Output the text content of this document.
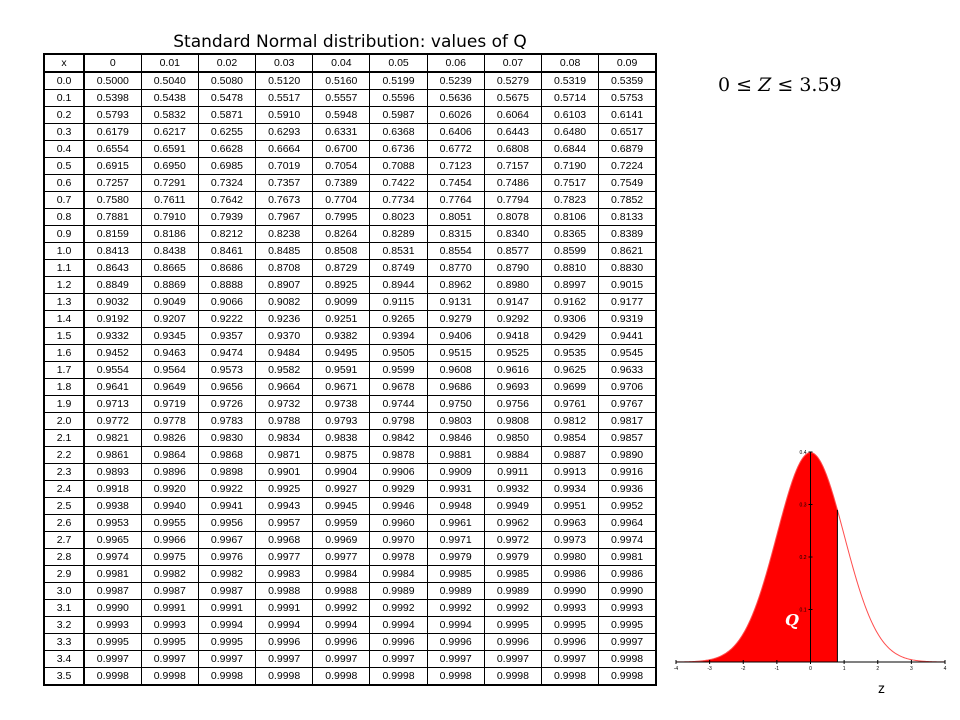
Standard Normal distribution: values of Q
x	0	0.01	0.02	0.03	0.04	0.05	0.06	0.07	0.08	0.09
0.0	0.5000	0.5040	0.5080	0.5120	0.5160	0.5199	0.5239	0.5279	0.5319	0.5359
0.1	0.5398	0.5438	0.5478	0.5517	0.5557	0.5596	0.5636	0.5675	0.5714	0.5753
0.2	0.5793	0.5832	0.5871	0.5910	0.5948	0.5987	0.6026	0.6064	0.6103	0.6141
0.3	0.6179	0.6217	0.6255	0.6293	0.6331	0.6368	0.6406	0.6443	0.6480	0.6517
0.4	0.6554	0.6591	0.6628	0.6664	0.6700	0.6736	0.6772	0.6808	0.6844	0.6879
0.5	0.6915	0.6950	0.6985	0.7019	0.7054	0.7088	0.7123	0.7157	0.7190	0.7224
0.6	0.7257	0.7291	0.7324	0.7357	0.7389	0.7422	0.7454	0.7486	0.7517	0.7549
0.7	0.7580	0.7611	0.7642	0.7673	0.7704	0.7734	0.7764	0.7794	0.7823	0.7852
0.8	0.7881	0.7910	0.7939	0.7967	0.7995	0.8023	0.8051	0.8078	0.8106	0.8133
0.9	0.8159	0.8186	0.8212	0.8238	0.8264	0.8289	0.8315	0.8340	0.8365	0.8389
1.0	0.8413	0.8438	0.8461	0.8485	0.8508	0.8531	0.8554	0.8577	0.8599	0.8621
1.1	0.8643	0.8665	0.8686	0.8708	0.8729	0.8749	0.8770	0.8790	0.8810	0.8830
1.2	0.8849	0.8869	0.8888	0.8907	0.8925	0.8944	0.8962	0.8980	0.8997	0.9015
1.3	0.9032	0.9049	0.9066	0.9082	0.9099	0.9115	0.9131	0.9147	0.9162	0.9177
1.4	0.9192	0.9207	0.9222	0.9236	0.9251	0.9265	0.9279	0.9292	0.9306	0.9319
1.5	0.9332	0.9345	0.9357	0.9370	0.9382	0.9394	0.9406	0.9418	0.9429	0.9441
1.6	0.9452	0.9463	0.9474	0.9484	0.9495	0.9505	0.9515	0.9525	0.9535	0.9545
1.7	0.9554	0.9564	0.9573	0.9582	0.9591	0.9599	0.9608	0.9616	0.9625	0.9633
1.8	0.9641	0.9649	0.9656	0.9664	0.9671	0.9678	0.9686	0.9693	0.9699	0.9706
1.9	0.9713	0.9719	0.9726	0.9732	0.9738	0.9744	0.9750	0.9756	0.9761	0.9767
2.0	0.9772	0.9778	0.9783	0.9788	0.9793	0.9798	0.9803	0.9808	0.9812	0.9817
2.1	0.9821	0.9826	0.9830	0.9834	0.9838	0.9842	0.9846	0.9850	0.9854	0.9857
2.2	0.9861	0.9864	0.9868	0.9871	0.9875	0.9878	0.9881	0.9884	0.9887	0.9890
2.3	0.9893	0.9896	0.9898	0.9901	0.9904	0.9906	0.9909	0.9911	0.9913	0.9916
2.4	0.9918	0.9920	0.9922	0.9925	0.9927	0.9929	0.9931	0.9932	0.9934	0.9936
2.5	0.9938	0.9940	0.9941	0.9943	0.9945	0.9946	0.9948	0.9949	0.9951	0.9952
2.6	0.9953	0.9955	0.9956	0.9957	0.9959	0.9960	0.9961	0.9962	0.9963	0.9964
2.7	0.9965	0.9966	0.9967	0.9968	0.9969	0.9970	0.9971	0.9972	0.9973	0.9974
2.8	0.9974	0.9975	0.9976	0.9977	0.9977	0.9978	0.9979	0.9979	0.9980	0.9981
2.9	0.9981	0.9982	0.9982	0.9983	0.9984	0.9984	0.9985	0.9985	0.9986	0.9986
3.0	0.9987	0.9987	0.9987	0.9988	0.9988	0.9989	0.9989	0.9989	0.9990	0.9990
3.1	0.9990	0.9991	0.9991	0.9991	0.9992	0.9992	0.9992	0.9992	0.9993	0.9993
3.2	0.9993	0.9993	0.9994	0.9994	0.9994	0.9994	0.9994	0.9995	0.9995	0.9995
3.3	0.9995	0.9995	0.9995	0.9996	0.9996	0.9996	0.9996	0.9996	0.9996	0.9997
3.4	0.9997	0.9997	0.9997	0.9997	0.9997	0.9997	0.9997	0.9997	0.9997	0.9998
3.5	0.9998	0.9998	0.9998	0.9998	0.9998	0.9998	0.9998	0.9998	0.9998	0.9998
0 ≤ Z ≤ 3.59
-4	-3	-2	-1	0	1	2	3	4
0.1
0.2
0.3
0.4
Q
z
